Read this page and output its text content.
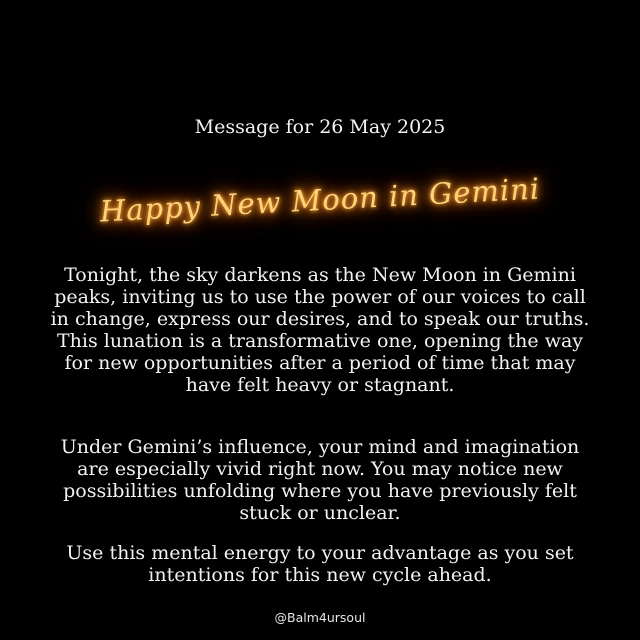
Message for 26 May 2025
Happy New Moon in Gemini

Tonight, the sky darkens as the New Moon in Gemini peaks, inviting us to use the power of our voices to call in change, express our desires, and to speak our truths. This lunation is a transformative one, opening the way for new opportunities after a period of time that may have felt heavy or stagnant.

Under Gemini’s influence, your mind and imagination are especially vivid right now. You may notice new possibilities unfolding where you have previously felt stuck or unclear.

Use this mental energy to your advantage as you set intentions for this new cycle ahead.

@Balm4ursoul
